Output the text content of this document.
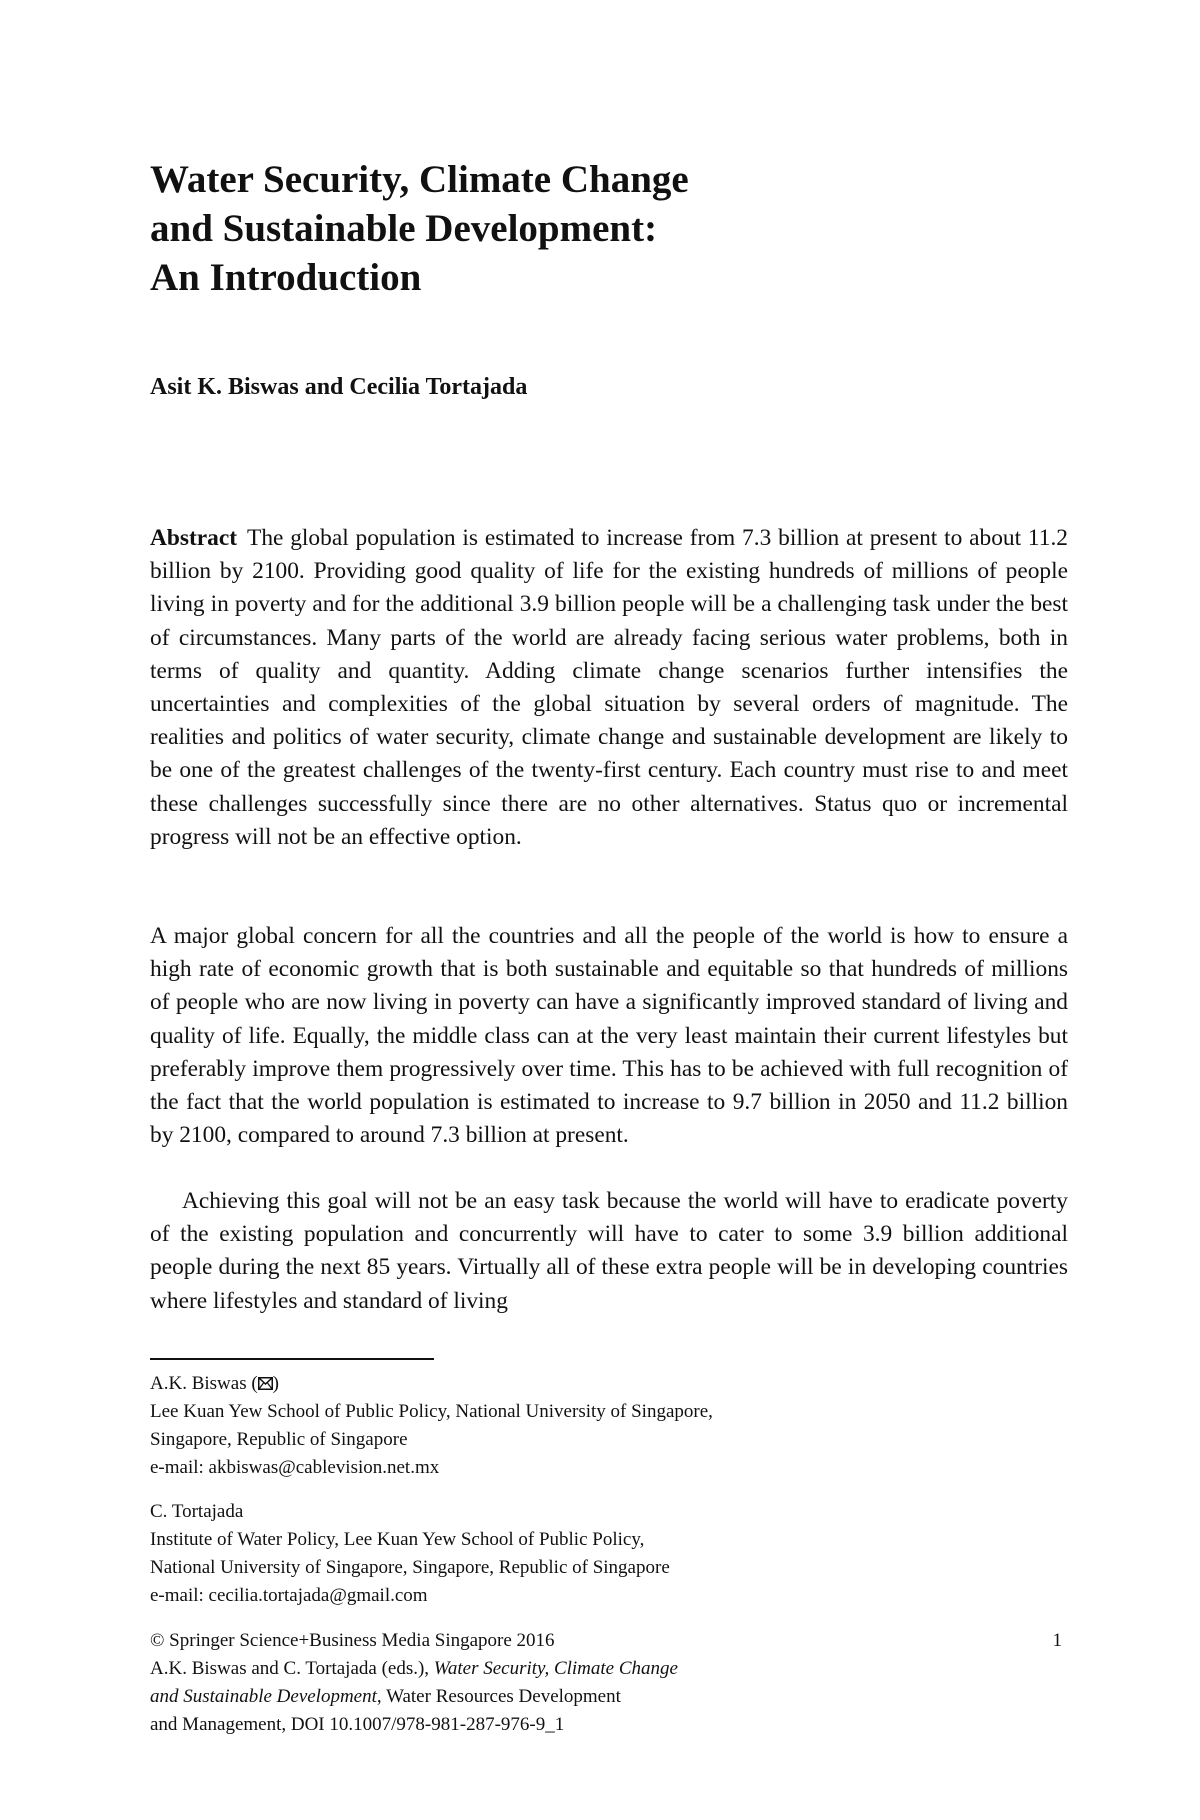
Water Security, Climate Change
and Sustainable Development:
An Introduction

Asit K. Biswas and Cecilia Tortajada

Abstract The global population is estimated to increase from 7.3 billion at present to about 11.2 billion by 2100. Providing good quality of life for the existing hundreds of millions of people living in poverty and for the additional 3.9 billion people will be a challenging task under the best of circumstances. Many parts of the world are already facing serious water problems, both in terms of quality and quantity. Adding climate change scenarios further intensifies the uncertainties and complexities of the global situation by several orders of magnitude. The realities and politics of water security, climate change and sustainable development are likely to be one of the greatest challenges of the twenty-first century. Each country must rise to and meet these challenges successfully since there are no other alternatives. Status quo or incremental progress will not be an effective option.

A major global concern for all the countries and all the people of the world is how to ensure a high rate of economic growth that is both sustainable and equitable so that hundreds of millions of people who are now living in poverty can have a significantly improved standard of living and quality of life. Equally, the middle class can at the very least maintain their current lifestyles but preferably improve them progressively over time. This has to be achieved with full recognition of the fact that the world population is estimated to increase to 9.7 billion in 2050 and 11.2 billion by 2100, compared to around 7.3 billion at present.

Achieving this goal will not be an easy task because the world will have to eradicate poverty of the existing population and concurrently will have to cater to some 3.9 billion additional people during the next 85 years. Virtually all of these extra people will be in developing countries where lifestyles and standard of living

A.K. Biswas ( )

Lee Kuan Yew School of Public Policy, National University of Singapore,

Singapore, Republic of Singapore

e-mail: akbiswas@cablevision.net.mx

C. Tortajada

Institute of Water Policy, Lee Kuan Yew School of Public Policy,

National University of Singapore, Singapore, Republic of Singapore

e-mail: cecilia.tortajada@gmail.com

© Springer Science+Business Media Singapore 2016

A.K. Biswas and C. Tortajada (eds.), Water Security, Climate Change

and Sustainable Development, Water Resources Development

and Management, DOI 10.1007/978-981-287-976-9_1

1
